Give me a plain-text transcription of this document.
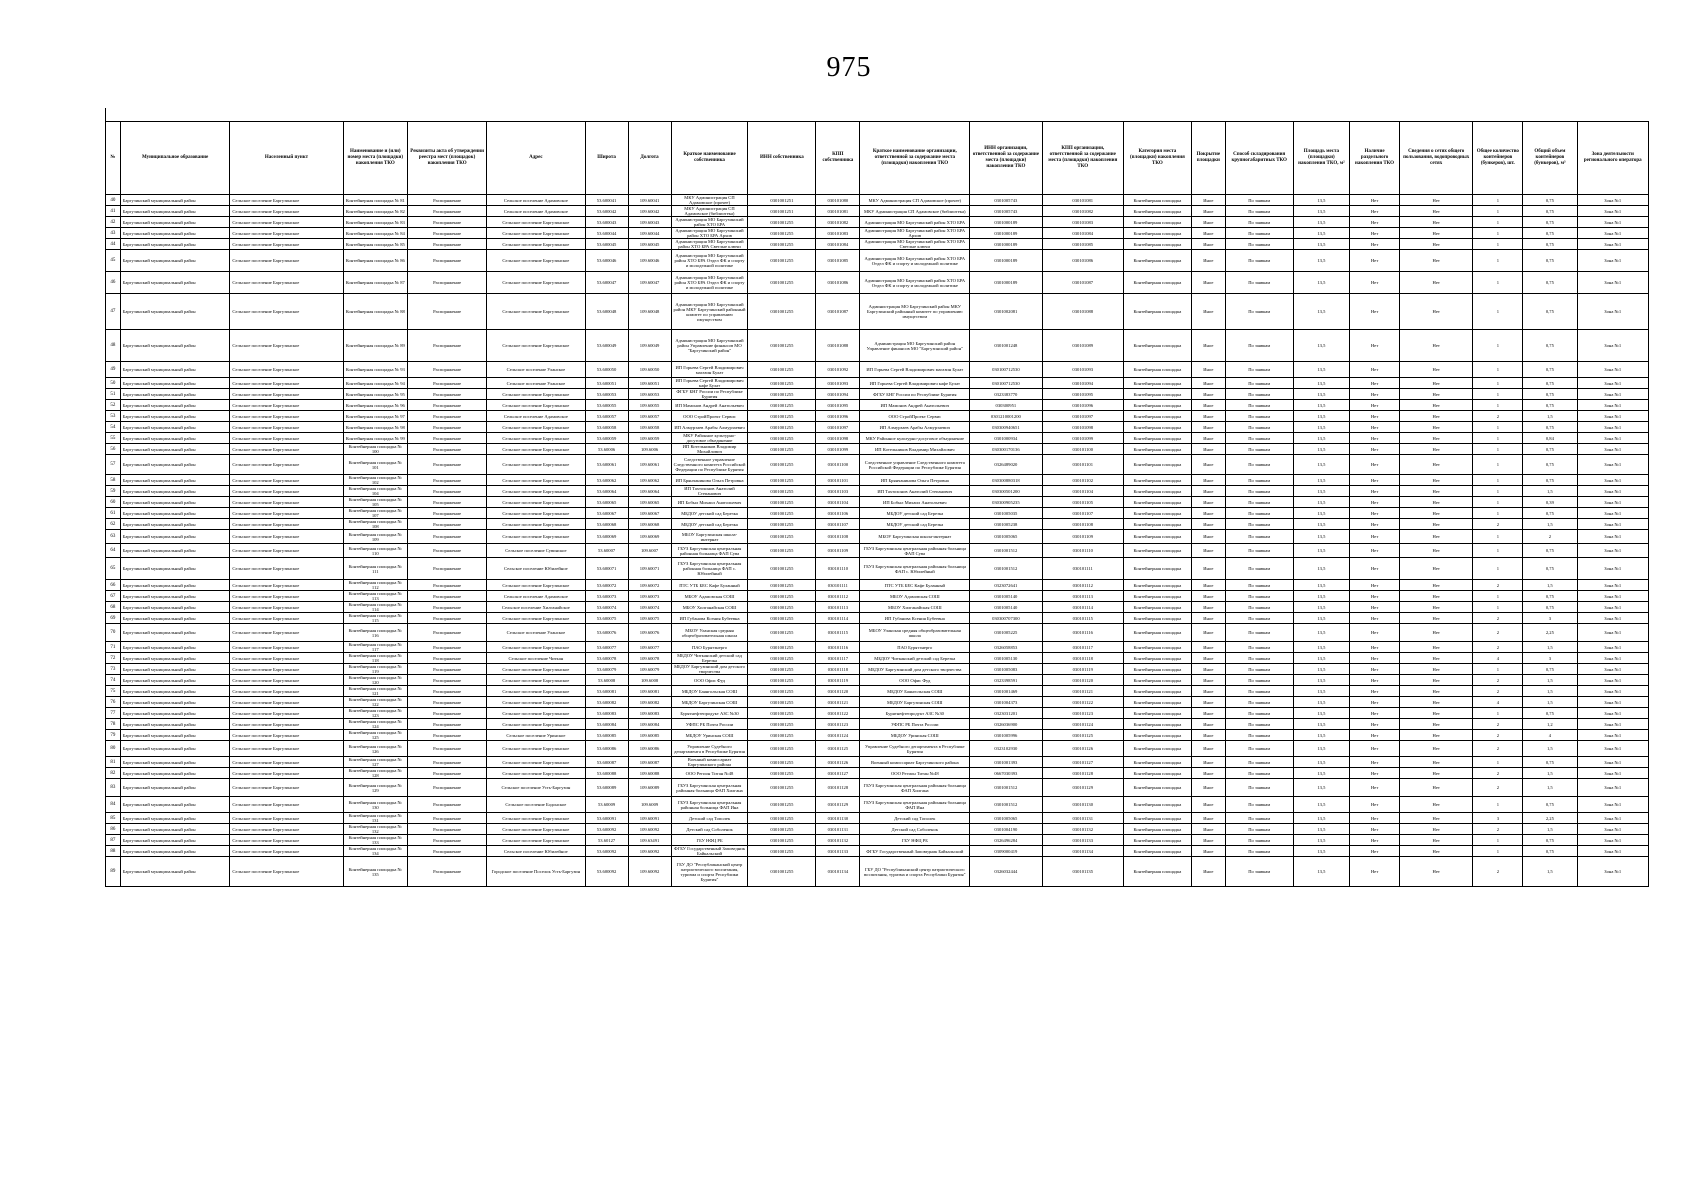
975
№	Муниципальное образование	Населенный пункт	Наименование и (или) номер места (площадки) накопления ТКО	Реквизиты акта об утверждении реестра мест (площадок) накопления ТКО	Адрес	Широта	Долгота	Краткое наименование собственника	ИНН собственника	КПП собственника	Краткое наименование организации, ответственной за содержание места (площадки) накопления ТКО	ИНН организации, ответственной за содержание места (площадки) накопления ТКО	КПП организации, ответственной за содержание места (площадки) накопления ТКО	Категория места (площадки) накопления ТКО	Покрытие площадки	Способ складирования крупногабаритных ТКО	Площадь места (площадки) накопления ТКО, м²	Наличие раздельного накопления ТКО	Сведения о сетях общего пользования, водопроводных сетях	Общее количество контейнеров (бункеров), шт.	Общий объем контейнеров (бункеров), м³	Зона деятельности регионального оператора
40	Баргузинский муниципальный район	Сельское поселение Баргузинское	Контейнерная площадка № 81	Распоряжение	Сельское поселение Адамовское	53.600041	109.60041	МКУ Администрация СП Адамовское (прочее)	0301001251	030101080	МКУ Администрация СП Адамовское (прочее)	0301005743	030101081	Контейнерная площадка	Иное	По заявкам	13,5	Нет	Нет	1	0,75	Зона №1
41	Баргузинский муниципальный район	Сельское поселение Баргузинское	Контейнерная площадка № 82	Распоряжение	Сельское поселение Адамовское	53.600042	109.60042	МКУ Администрация СП Адамовское (библиотека)	0301001251	030101081	МКУ Администрация СП Адамовское (библиотека)	0301005743	030101082	Контейнерная площадка	Иное	По заявкам	13,5	Нет	Нет	1	0,75	Зона №1
42	Баргузинский муниципальный район	Сельское поселение Баргузинское	Контейнерная площадка № 83	Распоряжение	Сельское поселение Баргузинское	53.600043	109.60043	Администрация МО Баргузинский район ХТО БРА	0301001255	030101082	Администрация МО Баргузинский район ХТО БРА	0301000189	030101083	Контейнерная площадка	Иное	По заявкам	13,5	Нет	Нет	1	0,75	Зона №1
43	Баргузинский муниципальный район	Сельское поселение Баргузинское	Контейнерная площадка № 84	Распоряжение	Сельское поселение Баргузинское	53.600044	109.60044	Администрация МО Баргузинский район ХТО БРА Архив	0301001255	030101083	Администрация МО Баргузинский район ХТО БРА Архив	0301000189	030101084	Контейнерная площадка	Иное	По заявкам	13,5	Нет	Нет	1	0,75	Зона №1
44	Баргузинский муниципальный район	Сельское поселение Баргузинское	Контейнерная площадка № 85	Распоряжение	Сельское поселение Баргузинское	53.600045	109.60045	Администрация МО Баргузинский район ХТО БРА Светлые ключи	0301001255	030101084	Администрация МО Баргузинский район ХТО БРА Светлые ключи	0301000189	030101085	Контейнерная площадка	Иное	По заявкам	13,5	Нет	Нет	1	0,75	Зона №1
45	Баргузинский муниципальный район	Сельское поселение Баргузинское	Контейнерная площадка № 86	Распоряжение	Сельское поселение Баргузинское	53.600046	109.60046	Администрация МО Баргузинский район ХТО БРА Отдел ФК и спорту и молодежной политике	0301001255	030101085	Администрация МО Баргузинский район ХТО БРА Отдел ФК и спорту и молодежной политике	0301000189	030101086	Контейнерная площадка	Иное	По заявкам	13,5	Нет	Нет	1	0,75	Зона №1
46	Баргузинский муниципальный район	Сельское поселение Баргузинское	Контейнерная площадка № 87	Распоряжение	Сельское поселение Баргузинское	53.600047	109.60047	Администрация МО Баргузинский район ХТО БРА Отдел ФК и спорту и молодежной политике	0301001255	030101086	Администрация МО Баргузинский район ХТО БРА Отдел ФК и спорту и молодежной политике	0301000189	030101087	Контейнерная площадка	Иное	По заявкам	13,5	Нет	Нет	1	0,75	Зона №1
47	Баргузинский муниципальный район	Сельское поселение Баргузинское	Контейнерная площадка № 88	Распоряжение	Сельское поселение Баргузинское	53.600048	109.60048	Администрация МО Баргузинский район МКУ Баргузинский районный комитет по управлению имуществом	0301001255	030101087	Администрация МО Баргузинский район МКУ Баргузинский районный комитет по управлению имуществом	0301002081	030101088	Контейнерная площадка	Иное	По заявкам	13,5	Нет	Нет	1	0,75	Зона №1
48	Баргузинский муниципальный район	Сельское поселение Баргузинское	Контейнерная площадка № 89	Распоряжение	Сельское поселение Баргузинское	53.600049	109.60049	Администрация МО Баргузинский район Управление финансов МО "Баргузинский район"	0301001255	030101088	Администрация МО Баргузинский район Управление финансов МО "Баргузинский район"	0301001248	030101089	Контейнерная площадка	Иное	По заявкам	13,5	Нет	Нет	1	0,75	Зона №1
49	Баргузинский муниципальный район	Сельское поселение Баргузинское	Контейнерная площадка № 93	Распоряжение	Сельское поселение Уланское	53.600050	109.60050	ИП Горьева Сергей Владимирович магазин Булат	0301001255	030101092	ИП Горьева Сергей Владимирович магазин Булат	030100712530	030101093	Контейнерная площадка	Иное	По заявкам	13,5	Нет	Нет	1	0,75	Зона №1
50	Баргузинский муниципальный район	Сельское поселение Баргузинское	Контейнерная площадка № 94	Распоряжение	Сельское поселение Уланское	53.600051	109.60051	ИП Горьева Сергей Владимирович кафе Булат	0301001255	030101093	ИП Горьева Сергей Владимирович кафе Булат	030100712530	030101094	Контейнерная площадка	Иное	По заявкам	13,5	Нет	Нет	1	0,75	Зона №1
51	Баргузинский муниципальный район	Сельское поселение Баргузинское	Контейнерная площадка № 95	Распоряжение	Сельское поселение Баргузинское	53.600053	109.60053	ФГБУ БНГ России по Республике Бурятия	0301001255	030101094	ФГБУ БНГ России по Республике Бурятия	0323383770	030101095	Контейнерная площадка	Иное	По заявкам	13,5	Нет	Нет	1	0,75	Зона №1
52	Баргузинский муниципальный район	Сельское поселение Баргузинское	Контейнерная площадка № 96	Распоряжение	Сельское поселение Баргузинское	53.600055	109.60055	ИП Мамонов Андрей Анатольевич	0301001255	030101095	ИП Мамонов Андрей Анатольевич	030300951	030101096	Контейнерная площадка	Иное	По заявкам	13,5	Нет	Нет	1	0,75	Зона №1
53	Баргузинский муниципальный район	Сельское поселение Баргузинское	Контейнерная площадка № 97	Распоряжение	Сельское поселение Адамовское	53.600057	109.60057	ООО СтройПроект Сервис	0301001255	030101096	ООО СтройПроект Сервис	0301210001200	030101097	Контейнерная площадка	Иное	По заявкам	13,5	Нет	Нет	2	1,5	Зона №1
54	Баргузинский муниципальный район	Сельское поселение Баргузинское	Контейнерная площадка № 98	Распоряжение	Сельское поселение Баргузинское	53.600058	109.60058	ИП Алмурзаев Арабы Алмурзаевич	0301001255	030101097	ИП Алмурзаев Арабы Алмурзаевич	030300940651	030101098	Контейнерная площадка	Иное	По заявкам	13,5	Нет	Нет	1	0,75	Зона №1
55	Баргузинский муниципальный район	Сельское поселение Баргузинское	Контейнерная площадка № 99	Распоряжение	Сельское поселение Баргузинское	53.600059	109.60059	МКУ Районное культурно-досуговое объединение	0301001255	030101098	МКУ Районное культурно-досуговое объединение	0301000934	030101099	Контейнерная площадка	Иное	По заявкам	13,5	Нет	Нет	1	0,84	Зона №1
56	Баргузинский муниципальный район	Сельское поселение Баргузинское	Контейнерная площадка № 100	Распоряжение	Сельское поселение Баргузинское	53.60006	109.6006	ИП Котельников Владимир Михайлович	0301001255	030101099	ИП Котельников Владимир Михайлович	030300170136	030101100	Контейнерная площадка	Иное	По заявкам	13,5	Нет	Нет	1	0,75	Зона №1
57	Баргузинский муниципальный район	Сельское поселение Баргузинское	Контейнерная площадка № 101	Распоряжение	Сельское поселение Баргузинское	53.600061	109.60061	Следственное управление Следственного комитета Российской Федерации по Республике Бурятия	0301001255	030101100	Следственное управление Следственного комитета Российской Федерации по Республике Бурятия	0326489020	030101101	Контейнерная площадка	Иное	По заявкам	13,5	Нет	Нет	1	0,75	Зона №1
58	Баргузинский муниципальный район	Сельское поселение Баргузинское	Контейнерная площадка № 102	Распоряжение	Сельское поселение Баргузинское	53.600062	109.60062	ИП Брянчанинова Ольга Петровна	0301001255	030101101	ИП Брянчанинова Ольга Петровна	030300880318	030101102	Контейнерная площадка	Иное	По заявкам	13,5	Нет	Нет	1	0,75	Зона №1
59	Баргузинский муниципальный район	Сельское поселение Баргузинское	Контейнерная площадка № 104	Распоряжение	Сельское поселение Баргузинское	53.600064	109.60064	ИП Тахтохонов Анатолий Степанович	0301001255	030101103	ИП Тахтохонов Анатолий Степанович	030300501200	030101104	Контейнерная площадка	Иное	По заявкам	13,5	Нет	Нет	1	1,5	Зона №1
60	Баргузинский муниципальный район	Сельское поселение Баргузинское	Контейнерная площадка № 105	Распоряжение	Сельское поселение Баргузинское	53.600065	109.60065	ИП Бобыл Михаил Анатольевич	0301001255	030101104	ИП Бобыл Михаил Анатольевич	030300905235	030101105	Контейнерная площадка	Иное	По заявкам	13,5	Нет	Нет	1	0,39	Зона №1
61	Баргузинский муниципальный район	Сельское поселение Баргузинское	Контейнерная площадка № 107	Распоряжение	Сельское поселение Баргузинское	53.600067	109.60067	МБДОУ детский сад Березка	0301001255	030101106	МБДОУ детский сад Березка	0301005035	030101107	Контейнерная площадка	Иное	По заявкам	13,5	Нет	Нет	1	0,75	Зона №1
62	Баргузинский муниципальный район	Сельское поселение Баргузинское	Контейнерная площадка № 108	Распоряжение	Сельское поселение Баргузинское	53.600068	109.60068	МБДОУ детский сад Березка	0301001255	030101107	МБДОУ детский сад Березка	0301005238	030101108	Контейнерная площадка	Иное	По заявкам	13,5	Нет	Нет	2	1,5	Зона №1
63	Баргузинский муниципальный район	Сельское поселение Баргузинское	Контейнерная площадка № 109	Распоряжение	Сельское поселение Баргузинское	53.600069	109.60069	МБОУ Баргузинская школа-интернат	0301001255	030101108	МБОУ Баргузинская школа-интернат	0301005065	030101109	Контейнерная площадка	Иное	По заявкам	13,5	Нет	Нет	1	2	Зона №1
64	Баргузинский муниципальный район	Сельское поселение Баргузинское	Контейнерная площадка № 110	Распоряжение	Сельское поселение Сувинское	53.60007	109.6007	ГБУЗ Баргузинская центральная районная больница ФАП Сува	0301001255	030101109	ГБУЗ Баргузинская центральная районная больница ФАП Сува	0301001512	030101110	Контейнерная площадка	Иное	По заявкам	13,5	Нет	Нет	1	0,75	Зона №1
65	Баргузинский муниципальный район	Сельское поселение Баргузинское	Контейнерная площадка № 111	Распоряжение	Сельское поселение Юбилейное	53.600071	109.60071	ГБУЗ Баргузинская центральная районная больница ФАП с. Юбилейный	0301001255	030101110	ГБУЗ Баргузинская центральная районная больница ФАП с. Юбилейный	0301001512	030101111	Контейнерная площадка	Иное	По заявкам	13,5	Нет	Нет	1	0,75	Зона №1
66	Баргузинский муниципальный район	Сельское поселение Баргузинское	Контейнерная площадка № 112	Распоряжение	Сельское поселение Баргузинское	53.600072	109.60072	ПТС УТБ БЕС Кафе Буланный	0301001255	030101111	ПТС УТБ БЕС Кафе Буланный	0323072641	030101112	Контейнерная площадка	Иное	По заявкам	13,5	Нет	Нет	2	1,5	Зона №1
67	Баргузинский муниципальный район	Сельское поселение Баргузинское	Контейнерная площадка № 113	Распоряжение	Сельское поселение Адамовское	53.600073	109.60073	МБОУ Адамовская СОШ	0301001255	030101112	МБОУ Адамовская СОШ	0301005140	030101113	Контейнерная площадка	Иное	По заявкам	13,5	Нет	Нет	1	0,75	Зона №1
68	Баргузинский муниципальный район	Сельское поселение Баргузинское	Контейнерная площадка № 114	Распоряжение	Сельское поселение Хилганайское	53.600074	109.60074	МБОУ Хилганайская СОШ	0301001255	030101113	МБОУ Хилганайская СОШ	0301005140	030101114	Контейнерная площадка	Иное	По заявкам	13,5	Нет	Нет	1	0,75	Зона №1
69	Баргузинский муниципальный район	Сельское поселение Баргузинское	Контейнерная площадка № 115	Распоряжение	Сельское поселение Баргузинское	53.600075	109.60075	ИП Губанова Ксения Бубеевна	0301001255	030101114	ИП Губанова Ксения Бубеевна	030300707300	030101115	Контейнерная площадка	Иное	По заявкам	13,5	Нет	Нет	2	3	Зона №1
70	Баргузинский муниципальный район	Сельское поселение Баргузинское	Контейнерная площадка № 116	Распоряжение	Сельское поселение Уланское	53.600076	109.60076	МБОУ Уланская средняя общеобразовательная школа	0301001255	030101115	МБОУ Уланская средняя общеобразовательная школа	0301005225	030101116	Контейнерная площадка	Иное	По заявкам	13,5	Нет	Нет	2	2,25	Зона №1
71	Баргузинский муниципальный район	Сельское поселение Баргузинское	Контейнерная площадка № 117	Распоряжение	Сельское поселение Баргузинское	53.600077	109.60077	ПАО Бурятэнерго	0301001255	030101116	ПАО Бурятэнерго	0326058853	030101117	Контейнерная площадка	Иное	По заявкам	13,5	Нет	Нет	2	1,5	Зона №1
72	Баргузинский муниципальный район	Сельское поселение Баргузинское	Контейнерная площадка № 118	Распоряжение	Сельское поселение Читкан	53.600078	109.60078	МБДОУ Читканский детский сад Березка	0301001255	030101117	МБДОУ Читканский детский сад Березка	0301005130	030101118	Контейнерная площадка	Иное	По заявкам	13,5	Нет	Нет	4	3	Зона №1
73	Баргузинский муниципальный район	Сельское поселение Баргузинское	Контейнерная площадка № 119	Распоряжение	Сельское поселение Баргузинское	53.600079	109.60079	МБДОУ Баргузинский дом детского творчества	0301001255	030101118	МБДОУ Баргузинский дом детского творчества	0301005083	030101119	Контейнерная площадка	Иное	По заявкам	13,5	Нет	Нет	1	0,75	Зона №1
74	Баргузинский муниципальный район	Сельское поселение Баргузинское	Контейнерная площадка № 120	Распоряжение	Сельское поселение Баргузинское	53.60008	109.6008	ООО Офис Фуд	0301001255	030101119	ООО Офис Фуд	0323398591	030101120	Контейнерная площадка	Иное	По заявкам	13,5	Нет	Нет	2	1,5	Зона №1
75	Баргузинский муниципальный район	Сельское поселение Баргузинское	Контейнерная площадка № 121	Распоряжение	Сельское поселение Баргузинское	53.600081	109.60081	МБДОУ Баянгольская СОШ	0301001255	030101120	МБДОУ Баянгольская СОШ	0301001469	030101121	Контейнерная площадка	Иное	По заявкам	13,5	Нет	Нет	2	1,5	Зона №1
76	Баргузинский муниципальный район	Сельское поселение Баргузинское	Контейнерная площадка № 122	Распоряжение	Сельское поселение Баргузинское	53.600082	109.60082	МБДОУ Баргузинская СОШ	0301001255	030101121	МБДОУ Баргузинская СОШ	0301004373	030101122	Контейнерная площадка	Иное	По заявкам	13,5	Нет	Нет	4	1,5	Зона №1
77	Баргузинский муниципальный район	Сельское поселение Баргузинское	Контейнерная площадка № 123	Распоряжение	Сельское поселение Баргузинское	53.600083	109.60083	Бурятнефтепродукт АЗС №30	0301001255	030101122	Бурятнефтепродукт АЗС №30	0323031201	030101123	Контейнерная площадка	Иное	По заявкам	13,5	Нет	Нет	1	0,75	Зона №1
78	Баргузинский муниципальный район	Сельское поселение Баргузинское	Контейнерная площадка № 124	Распоряжение	Сельское поселение Баргузинское	53.600084	109.60084	УФПС РБ Почта России	0301001255	030101123	УФПС РБ Почта России	0326036900	030101124	Контейнерная площадка	Иное	По заявкам	13,5	Нет	Нет	2	1,2	Зона №1
79	Баргузинский муниципальный район	Сельское поселение Баргузинское	Контейнерная площадка № 125	Распоряжение	Сельское поселение Уринское	53.600085	109.60085	МБДОУ Уринская СОШ	0301001255	030101124	МБДОУ Уринская СОШ	0301005996	030101125	Контейнерная площадка	Иное	По заявкам	13,5	Нет	Нет	2	4	Зона №1
80	Баргузинский муниципальный район	Сельское поселение Баргузинское	Контейнерная площадка № 126	Распоряжение	Сельское поселение Баргузинское	53.600086	109.60086	Управление Судебного департамента в Республике Бурятия	0301001255	030101125	Управление Судебного департамента в Республике Бурятия	0323102930	030101126	Контейнерная площадка	Иное	По заявкам	13,5	Нет	Нет	2	1,5	Зона №1
81	Баргузинский муниципальный район	Сельское поселение Баргузинское	Контейнерная площадка № 127	Распоряжение	Сельское поселение Баргузинское	53.600087	109.60087	Военный комиссариат Баргузинского района	0301001255	030101126	Военный комиссариат Баргузинского района	0301001393	030101127	Контейнерная площадка	Иное	По заявкам	13,5	Нет	Нет	1	0,75	Зона №1
82	Баргузинский муниципальный район	Сельское поселение Баргузинское	Контейнерная площадка № 128	Распоряжение	Сельское поселение Баргузинское	53.600088	109.60088	ООО Регион Титан №48	0301001255	030101127	ООО Регион Титан №48	0667030393	030101128	Контейнерная площадка	Иное	По заявкам	13,5	Нет	Нет	2	1,5	Зона №1
83	Баргузинский муниципальный район	Сельское поселение Баргузинское	Контейнерная площадка № 129	Распоряжение	Сельское поселение Усть-Баргузин	53.600089	109.60089	ГБУЗ Баргузинская центральная районная больница ФАП Хилгана	0301001255	030101128	ГБУЗ Баргузинская центральная районная больница ФАП Хилгана	0301001512	030101129	Контейнерная площадка	Иное	По заявкам	13,5	Нет	Нет	2	1,5	Зона №1
84	Баргузинский муниципальный район	Сельское поселение Баргузинское	Контейнерная площадка № 130	Распоряжение	Сельское поселение Бодонское	53.60009	109.6009	ГБУЗ Баргузинская центральная районная больница ФАП Ина	0301001255	030101129	ГБУЗ Баргузинская центральная районная больница ФАП Ина	0301001512	030101130	Контейнерная площадка	Иное	По заявкам	13,5	Нет	Нет	1	0,75	Зона №1
85	Баргузинский муниципальный район	Сельское поселение Баргузинское	Контейнерная площадка № 131	Распоряжение	Сельское поселение Баргузинское	53.600091	109.60091	Детский сад Тополек	0301001255	030101130	Детский сад Тополек	0301005065	030101131	Контейнерная площадка	Иное	По заявкам	13,5	Нет	Нет	3	2,25	Зона №1
86	Баргузинский муниципальный район	Сельское поселение Баргузинское	Контейнерная площадка № 132	Распоряжение	Сельское поселение Баргузинское	53.600092	109.60092	Детский сад Соболенок	0301001255	030101131	Детский сад Соболенок	0301004190	030101132	Контейнерная площадка	Иное	По заявкам	13,5	Нет	Нет	2	1,5	Зона №1
87	Баргузинский муниципальный район	Сельское поселение Баргузинское	Контейнерная площадка № 133	Распоряжение	Сельское поселение Баргузинское	53.60127	109.63491	ГБУ НФЦ РБ	0301001255	030101132	ГБУ НФЦ РБ	0326496284	030101133	Контейнерная площадка	Иное	По заявкам	13,5	Нет	Нет	1	0,75	Зона №1
88	Баргузинский муниципальный район	Сельское поселение Баргузинское	Контейнерная площадка № 134	Распоряжение	Сельское поселение Юбилейное	53.600092	109.60092	ФГБУ Государственный Заповедник Байкальский	0301001255	030101133	ФГБУ Государственный Заповедник Байкальский	0309000419	030101134	Контейнерная площадка	Иное	По заявкам	13,5	Нет	Нет	1	0,75	Зона №1
89	Баргузинский муниципальный район	Сельское поселение Баргузинское	Контейнерная площадка № 135	Распоряжение	Городское поселение Поселок Усть-Баргузин	53.600092	109.60092	ГБУ ДО "Республиканский центр патриотического воспитания, туризма и спорта Республики Бурятия"	0301001255	030101134	ГБУ ДО "Республиканский центр патриотического воспитания, туризма и спорта Республики Бурятия"	0326032444	030101135	Контейнерная площадка	Иное	По заявкам	13,5	Нет	Нет	2	1,5	Зона №1
